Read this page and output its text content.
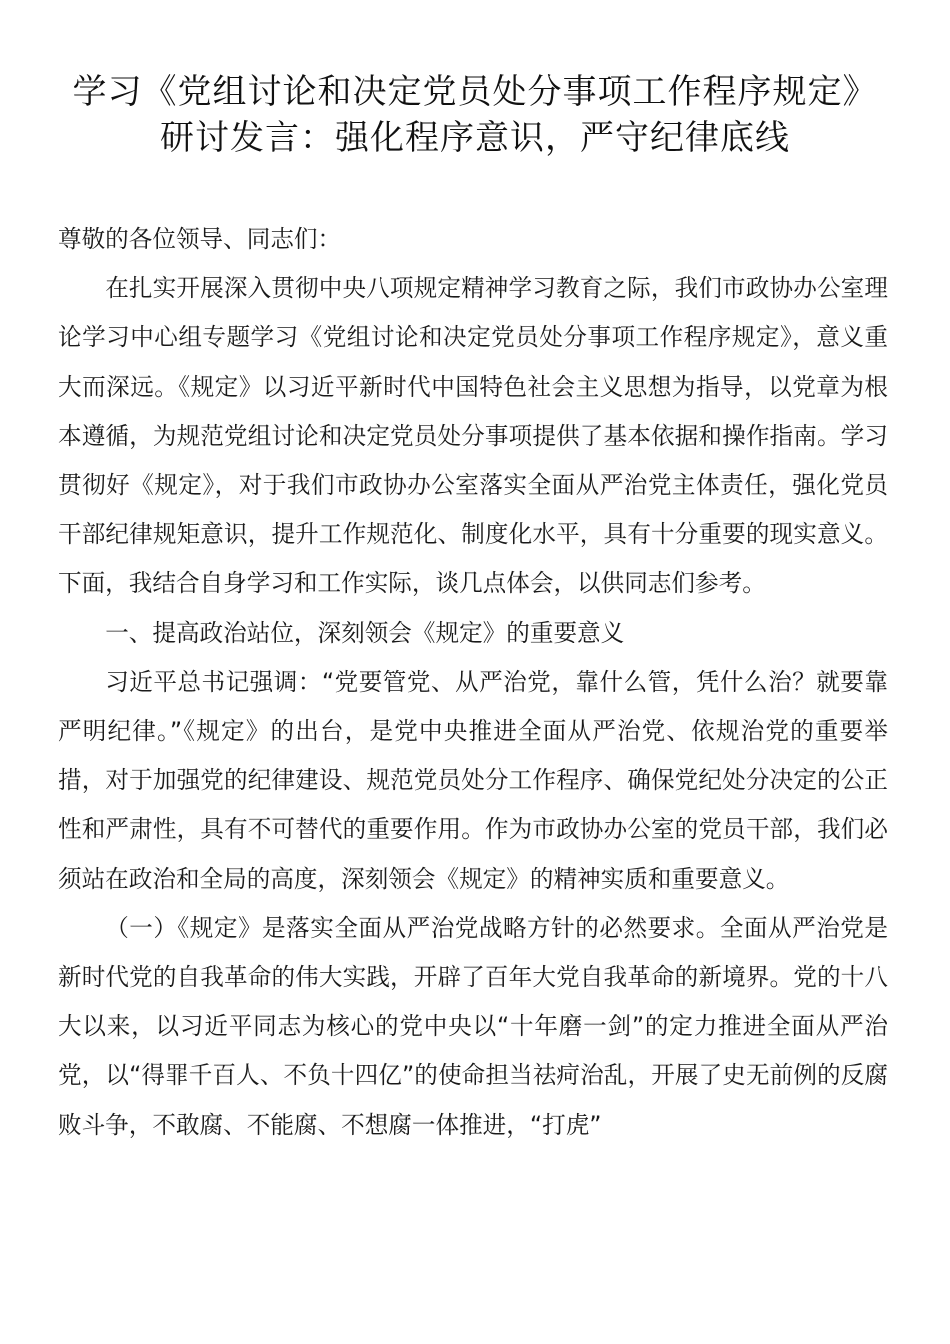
学习《党组讨论和决定党员处分事项工作程序规定》
研讨发言：强化程序意识，严守纪律底线

尊敬的各位领导、同志们：

在扎实开展深入贯彻中央八项规定精神学习教育之际，我们市政协办公室理论学习中心组专题学习《党组讨论和决定党员处分事项工作程序规定》，意义重大而深远。《规定》以习近平新时代中国特色社会主义思想为指导，以党章为根本遵循，为规范党组讨论和决定党员处分事项提供了基本依据和操作指南。学习贯彻好《规定》，对于我们市政协办公室落实全面从严治党主体责任，强化党员干部纪律规矩意识，提升工作规范化、制度化水平，具有十分重要的现实意义。下面，我结合自身学习和工作实际，谈几点体会，以供同志们参考。

一、提高政治站位，深刻领会《规定》的重要意义

习近平总书记强调：“党要管党、从严治党，靠什么管，凭什么治？就要靠严明纪律。”《规定》的出台，是党中央推进全面从严治党、依规治党的重要举措，对于加强党的纪律建设、规范党员处分工作程序、确保党纪处分决定的公正性和严肃性，具有不可替代的重要作用。作为市政协办公室的党员干部，我们必须站在政治和全局的高度，深刻领会《规定》的精神实质和重要意义。

（一）《规定》是落实全面从严治党战略方针的必然要求。全面从严治党是新时代党的自我革命的伟大实践，开辟了百年大党自我革命的新境界。党的十八大以来，以习近平同志为核心的党中央以“十年磨一剑”的定力推进全面从严治党，以“得罪千百人、不负十四亿”的使命担当祛疴治乱，开展了史无前例的反腐败斗争，不敢腐、不能腐、不想腐一体推进，“打虎”
